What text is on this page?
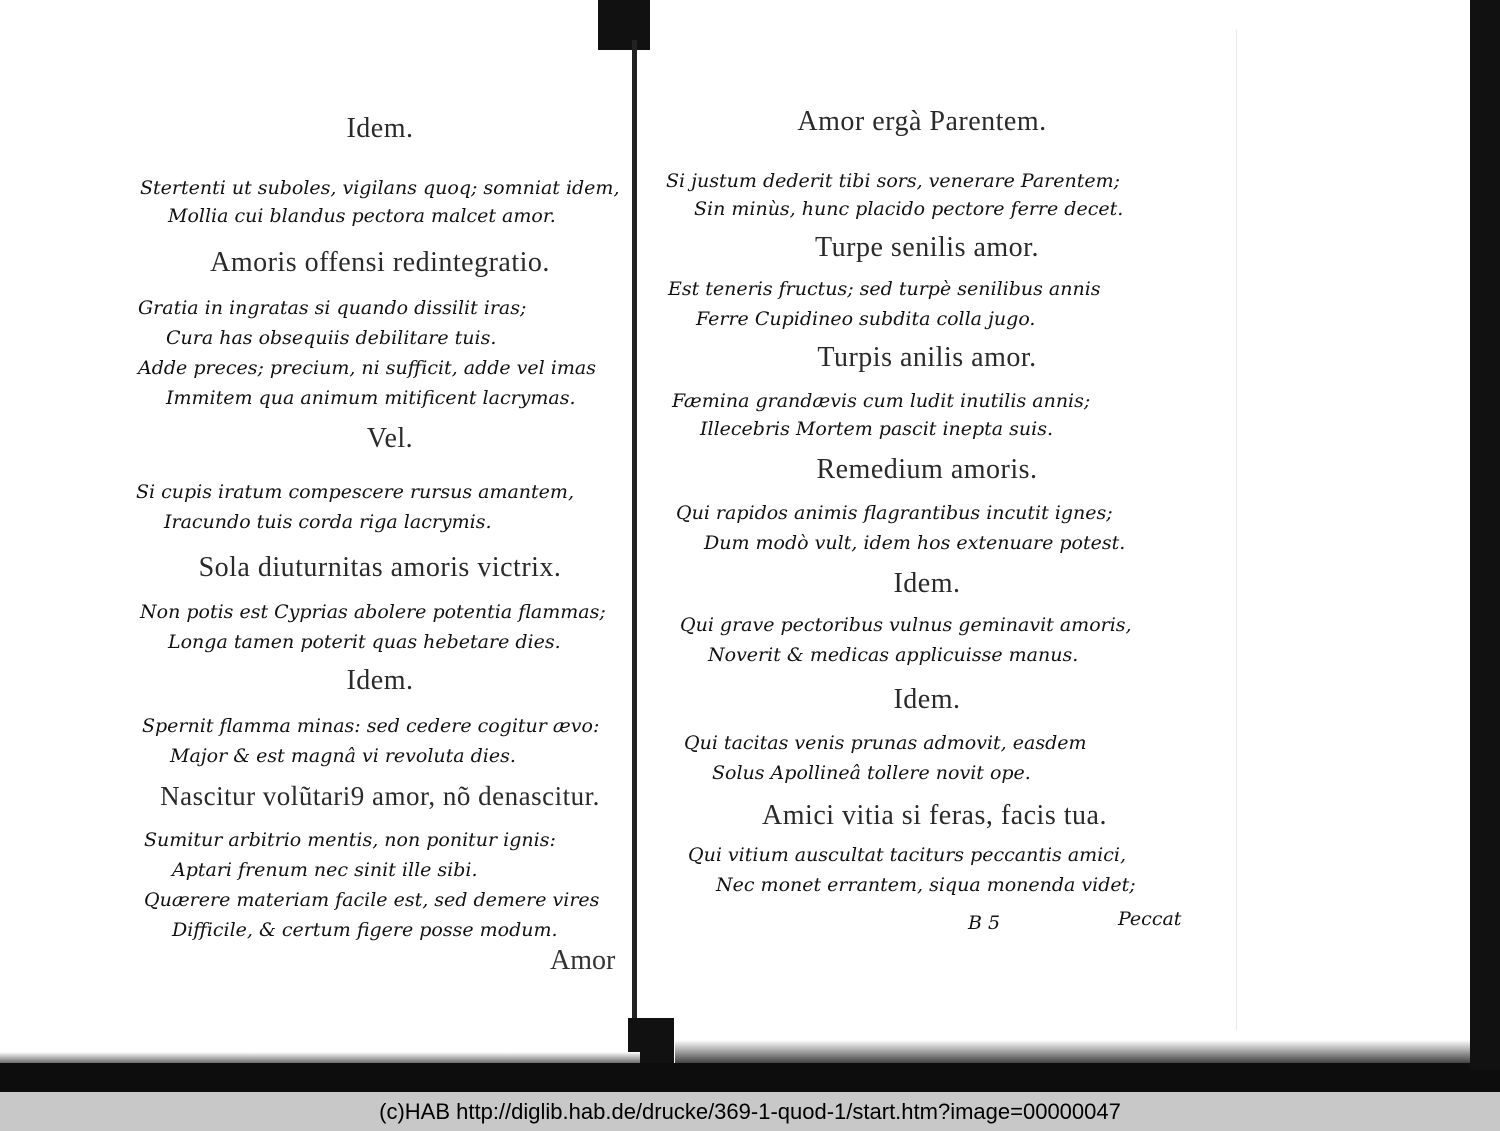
Idem.
Stertenti ut suboles, vigilans quoq; somniat idem,
Mollia cui blandus pectora malcet amor.
Amoris offensi redintegratio.
Gratia in ingratas si quando dissilit iras;
Cura has obsequiis debilitare tuis.
Adde preces; precium, ni sufficit, adde vel imas
Immitem qua animum mitificent lacrymas.
Vel.
Si cupis iratum compescere rursus amantem,
Iracundo tuis corda riga lacrymis.
Sola diuturnitas amoris victrix.
Non potis est Cyprias abolere potentia flammas;
Longa tamen poterit quas hebetare dies.
Idem.
Spernit flamma minas: sed cedere cogitur ævo:
Major & est magnâ vi revoluta dies.
Nascitur volũtari9 amor, nõ denascitur.
Sumitur arbitrio mentis, non ponitur ignis:
Aptari frenum nec sinit ille sibi.
Quærere materiam facile est, sed demere vires
Difficile, & certum figere posse modum.
Amor
Amor ergà Parentem.
Si justum dederit tibi sors, venerare Parentem;
Sin minùs, hunc placido pectore ferre decet.
Turpe senilis amor.
Est teneris fructus; sed turpè senilibus annis
Ferre Cupidineo subdita colla jugo.
Turpis anilis amor.
Fæmina grandævis cum ludit inutilis annis;
Illecebris Mortem pascit inepta suis.
Remedium amoris.
Qui rapidos animis flagrantibus incutit ignes;
Dum modò vult, idem hos extenuare potest.
Idem.
Qui grave pectoribus vulnus geminavit amoris,
Noverit & medicas applicuisse manus.
Idem.
Qui tacitas venis prunas admovit, easdem
Solus Apollineâ tollere novit ope.
Amici vitia si feras, facis tua.
Qui vitium auscultat taciturs peccantis amici,
Nec monet errantem, siqua monenda videt;
B 5	Peccat
(c)HAB http://diglib.hab.de/drucke/369-1-quod-1/start.htm?image=00000047
